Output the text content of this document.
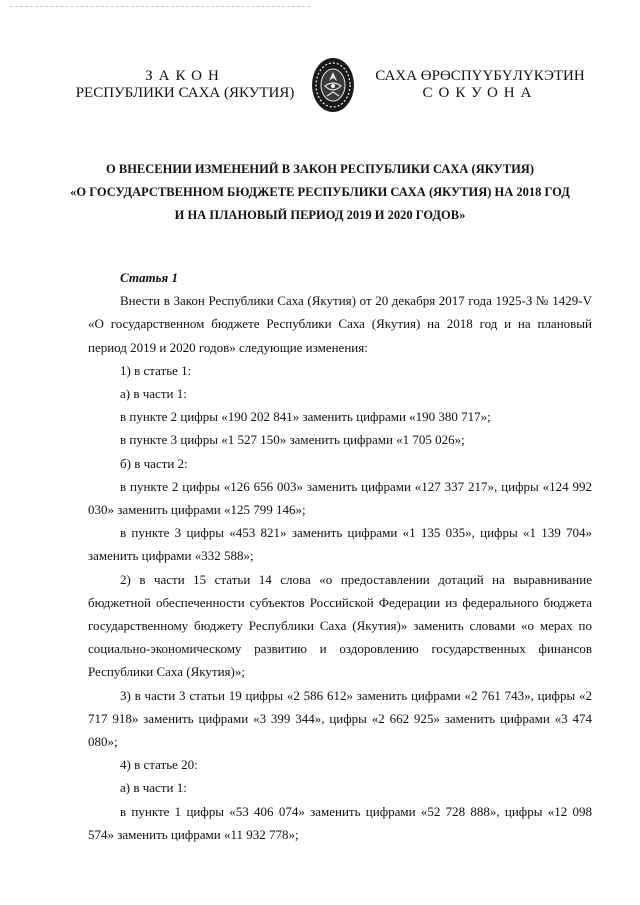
ЗАКОН
РЕСПУБЛИКИ САХА (ЯКУТИЯ)
САХА ӨРӨСПҮҮБҮЛҮКЭТИН
СОКУОНА
О ВНЕСЕНИИ ИЗМЕНЕНИЙ В ЗАКОН РЕСПУБЛИКИ САХА (ЯКУТИЯ)
«О ГОСУДАРСТВЕННОМ БЮДЖЕТЕ РЕСПУБЛИКИ САХА (ЯКУТИЯ) НА 2018 ГОД
И НА ПЛАНОВЫЙ ПЕРИОД 2019 И 2020 ГОДОВ»
Статья 1

Внести в Закон Республики Саха (Якутия) от 20 декабря 2017 года 1925-З № 1429-V «О государственном бюджете Республики Саха (Якутия) на 2018 год и на плановый период 2019 и 2020 годов» следующие изменения:

1) в статье 1:

а) в части 1:

в пункте 2 цифры «190 202 841» заменить цифрами «190 380 717»;

в пункте 3 цифры «1 527 150» заменить цифрами «1 705 026»;

б) в части 2:

в пункте 2 цифры «126 656 003» заменить цифрами «127 337 217», цифры «124 992 030» заменить цифрами «125 799 146»;

в пункте 3 цифры «453 821» заменить цифрами «1 135 035», цифры «1 139 704» заменить цифрами «332 588»;

2) в части 15 статьи 14 слова «о предоставлении дотаций на выравнивание бюджетной обеспеченности субъектов Российской Федерации из федерального бюджета государственному бюджету Республики Саха (Якутия)» заменить словами «о мерах по социально-экономическому развитию и оздоровлению государственных финансов Республики Саха (Якутия)»;

3) в части 3 статьи 19 цифры «2 586 612» заменить цифрами «2 761 743», цифры «2 717 918» заменить цифрами «3 399 344», цифры «2 662 925» заменить цифрами «3 474 080»;

4) в статье 20:

а) в части 1:

в пункте 1 цифры «53 406 074» заменить цифрами «52 728 888», цифры «12 098 574» заменить цифрами «11 932 778»;
